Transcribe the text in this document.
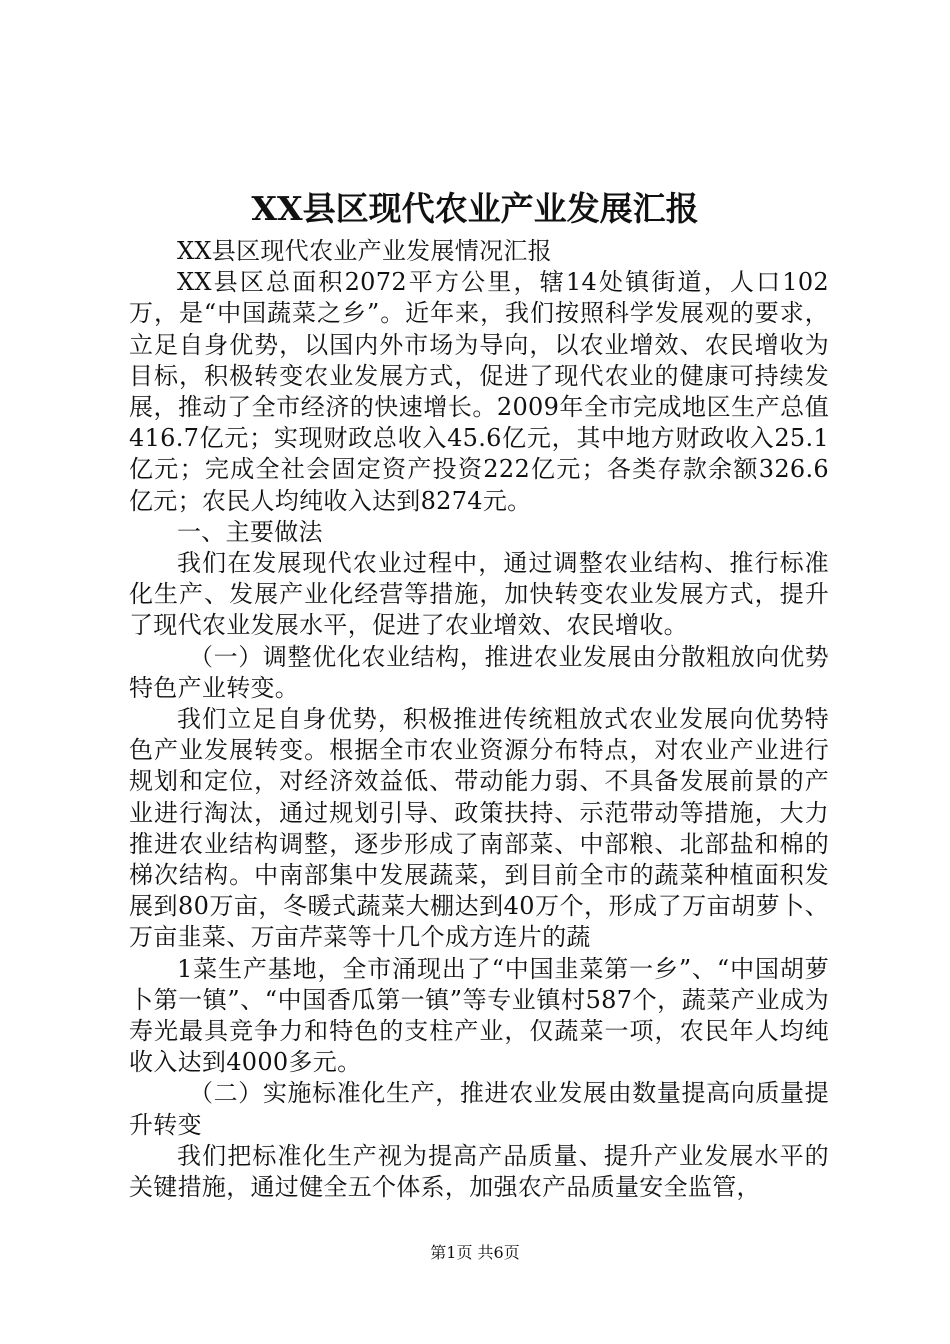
XX县区现代农业产业发展汇报

XX县区现代农业产业发展情况汇报

XX县区总面积2072平方公里，辖14处镇街道，人口102万，是“中国蔬菜之乡”。近年来，我们按照科学发展观的要求，立足自身优势，以国内外市场为导向，以农业增效、农民增收为目标，积极转变农业发展方式，促进了现代农业的健康可持续发展，推动了全市经济的快速增长。2009年全市完成地区生产总值416.7亿元；实现财政总收入45.6亿元，其中地方财政收入25.1亿元；完成全社会固定资产投资222亿元；各类存款余额326.6亿元；农民人均纯收入达到8274元。

一、主要做法

我们在发展现代农业过程中，通过调整农业结构、推行标准化生产、发展产业化经营等措施，加快转变农业发展方式，提升了现代农业发展水平，促进了农业增效、农民增收。

（一）调整优化农业结构，推进农业发展由分散粗放向优势特色产业转变。

我们立足自身优势，积极推进传统粗放式农业发展向优势特色产业发展转变。根据全市农业资源分布特点，对农业产业进行规划和定位，对经济效益低、带动能力弱、不具备发展前景的产业进行淘汰，通过规划引导、政策扶持、示范带动等措施，大力推进农业结构调整，逐步形成了南部菜、中部粮、北部盐和棉的梯次结构。中南部集中发展蔬菜，到目前全市的蔬菜种植面积发展到80万亩，冬暖式蔬菜大棚达到40万个，形成了万亩胡萝卜、万亩韭菜、万亩芹菜等十几个成方连片的蔬

1菜生产基地，全市涌现出了“中国韭菜第一乡”、“中国胡萝卜第一镇”、“中国香瓜第一镇”等专业镇村587个，蔬菜产业成为寿光最具竞争力和特色的支柱产业，仅蔬菜一项，农民年人均纯收入达到4000多元。

（二）实施标准化生产，推进农业发展由数量提高向质量提升转变

我们把标准化生产视为提高产品质量、提升产业发展水平的关键措施，通过健全五个体系，加强农产品质量安全监管，

第1页 共6页
